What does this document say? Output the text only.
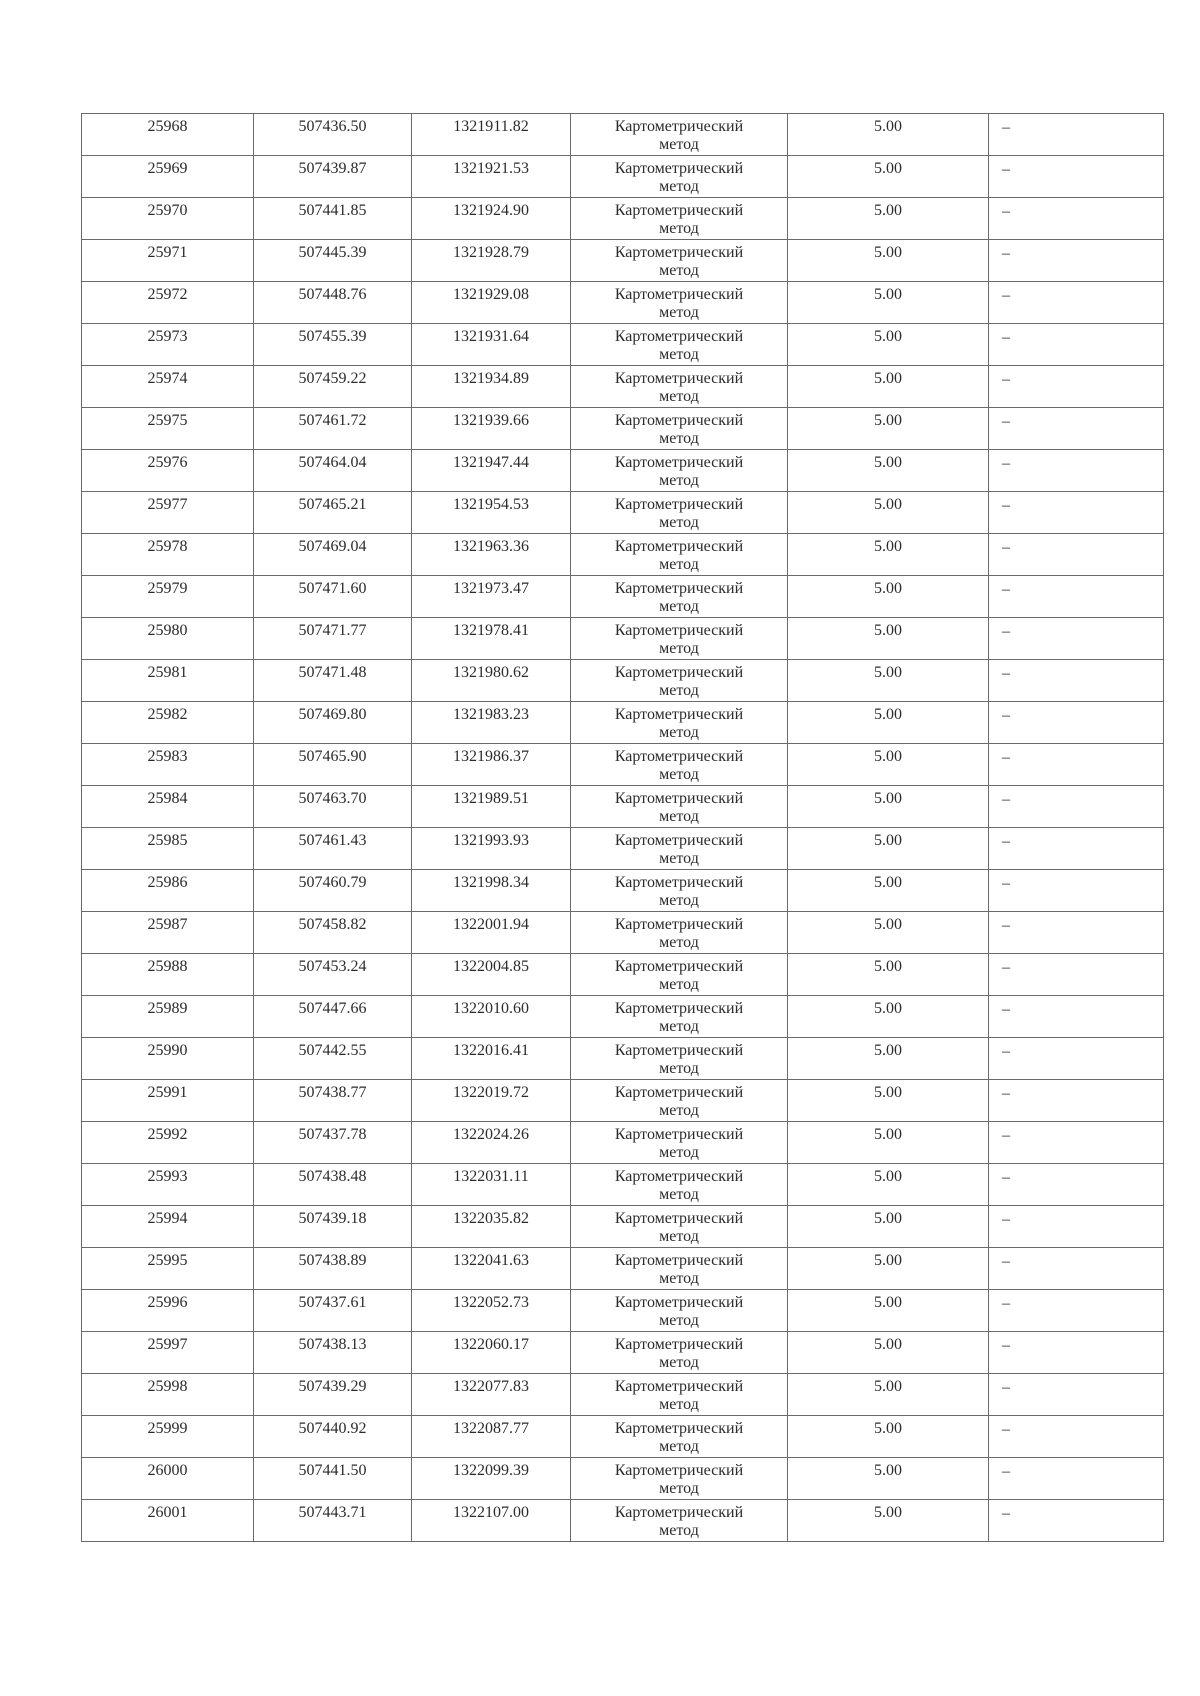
25968	507436.50	1321911.82	Картометрический
метод	5.00	–

25969	507439.87	1321921.53	Картометрический
метод	5.00	–

25970	507441.85	1321924.90	Картометрический
метод	5.00	–

25971	507445.39	1321928.79	Картометрический
метод	5.00	–

25972	507448.76	1321929.08	Картометрический
метод	5.00	–

25973	507455.39	1321931.64	Картометрический
метод	5.00	–

25974	507459.22	1321934.89	Картометрический
метод	5.00	–

25975	507461.72	1321939.66	Картометрический
метод	5.00	–

25976	507464.04	1321947.44	Картометрический
метод	5.00	–

25977	507465.21	1321954.53	Картометрический
метод	5.00	–

25978	507469.04	1321963.36	Картометрический
метод	5.00	–

25979	507471.60	1321973.47	Картометрический
метод	5.00	–

25980	507471.77	1321978.41	Картометрический
метод	5.00	–

25981	507471.48	1321980.62	Картометрический
метод	5.00	–

25982	507469.80	1321983.23	Картометрический
метод	5.00	–

25983	507465.90	1321986.37	Картометрический
метод	5.00	–

25984	507463.70	1321989.51	Картометрический
метод	5.00	–

25985	507461.43	1321993.93	Картометрический
метод	5.00	–

25986	507460.79	1321998.34	Картометрический
метод	5.00	–

25987	507458.82	1322001.94	Картометрический
метод	5.00	–

25988	507453.24	1322004.85	Картометрический
метод	5.00	–

25989	507447.66	1322010.60	Картометрический
метод	5.00	–

25990	507442.55	1322016.41	Картометрический
метод	5.00	–

25991	507438.77	1322019.72	Картометрический
метод	5.00	–

25992	507437.78	1322024.26	Картометрический
метод	5.00	–

25993	507438.48	1322031.11	Картометрический
метод	5.00	–

25994	507439.18	1322035.82	Картометрический
метод	5.00	–

25995	507438.89	1322041.63	Картометрический
метод	5.00	–

25996	507437.61	1322052.73	Картометрический
метод	5.00	–

25997	507438.13	1322060.17	Картометрический
метод	5.00	–

25998	507439.29	1322077.83	Картометрический
метод	5.00	–

25999	507440.92	1322087.77	Картометрический
метод	5.00	–

26000	507441.50	1322099.39	Картометрический
метод	5.00	–

26001	507443.71	1322107.00	Картометрический
метод	5.00	–
